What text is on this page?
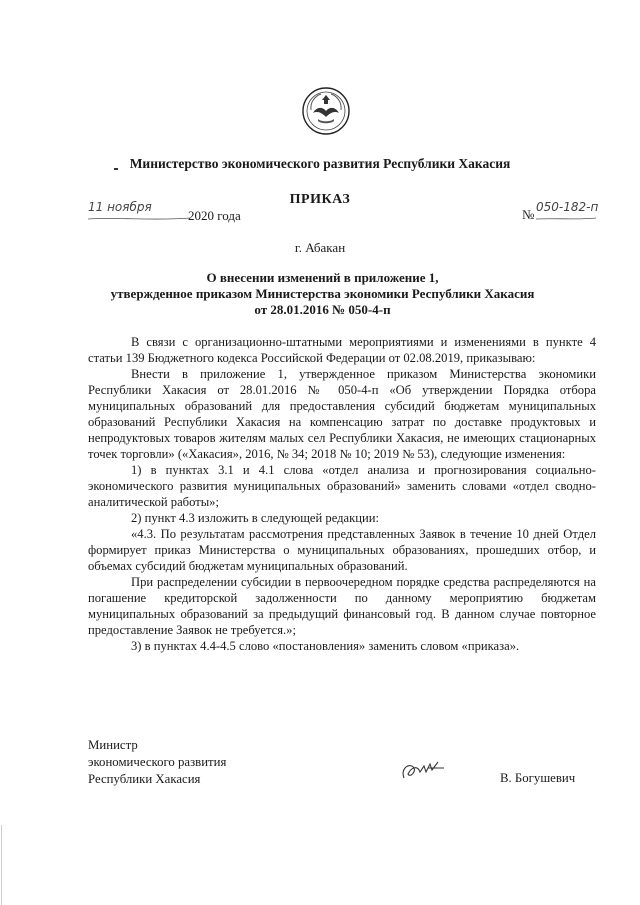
Министерство экономического развития Республики Хакасия
ПРИКАЗ
11 ноября
2020 года	№ 050-182-п
г. Абакан
О внесении изменений в приложение 1,
утвержденное приказом Министерства экономики Республики Хакасия
от 28.01.2016 № 050-4-п

В связи с организационно-штатными мероприятиями и изменениями в пункте 4 статьи 139 Бюджетного кодекса Российской Федерации от 02.08.2019, приказываю:

Внести в приложение 1, утвержденное приказом Министерства экономики Республики Хакасия от 28.01.2016 № 050-4-п «Об утверждении Порядка отбора муниципальных образований для предоставления субсидий бюджетам муниципальных образований Республики Хакасия на компенсацию затрат по доставке продуктовых и непродуктовых товаров жителям малых сел Республики Хакасия, не имеющих стационарных точек торговли» («Хакасия», 2016, № 34; 2018 № 10; 2019 № 53), следующие изменения:

1) в пунктах 3.1 и 4.1 слова «отдел анализа и прогнозирования социально-экономического развития муниципальных образований» заменить словами «отдел сводно-аналитической работы»;

2) пункт 4.3 изложить в следующей редакции:

«4.3. По результатам рассмотрения представленных Заявок в течение 10 дней Отдел формирует приказ Министерства о муниципальных образованиях, прошедших отбор, и объемах субсидий бюджетам муниципальных образований.

При распределении субсидии в первоочередном порядке средства распределяются на погашение кредиторской задолженности по данному мероприятию бюджетам муниципальных образований за предыдущий финансовый год. В данном случае повторное предоставление Заявок не требуется.»;

3) в пунктах 4.4-4.5 слово «постановления» заменить словом «приказа».

Министр
экономического развития
Республики Хакасия	В. Богушевич
